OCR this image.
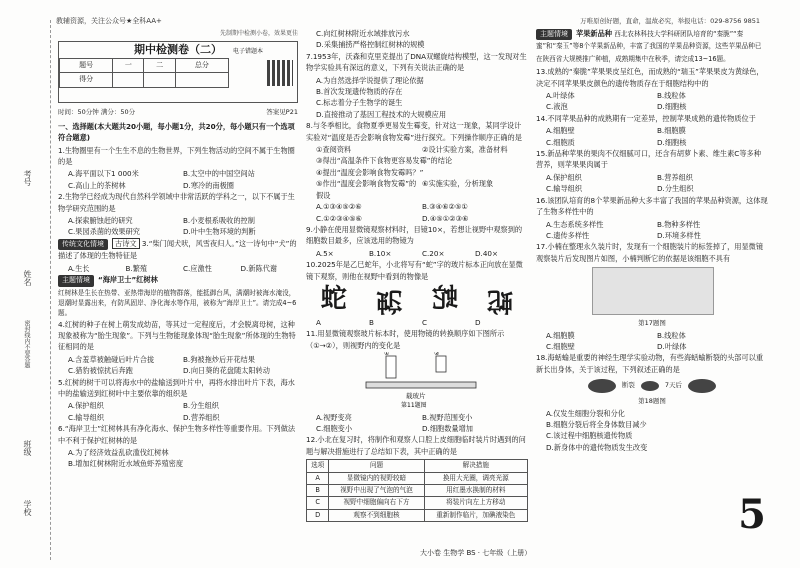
教辅资源，关注公众号★全科AA+	万唯原创好题，直命，温故必究，举报电话：029-8756 9851
考号
姓名
密封线内不要答题
班级
学校
先制期中检测小卷，效果更佳
期中检测卷（二）
题号	一	二	总分
得分			
电子错题本
时间：50分钟 满分：50分	答案见P21
一、选择题(本大题共20小题，每小题1分，共20分，每小题只有一个选项符合题意)
1.生物圈里有一个生生不息的生物世界，下列生物活动的空间不属于生物圈的是
A.海平面以下1 000米	B.太空中的中国空间站
C.高山上的茶树林	D.寒冷的南极圈
2.生物学已经成为现代自然科学领域中非常活跃的学科之一，以下不属于生物学研究范围的是
A.探索腑蚀赶的研究	B.小麦根系吸收的控制
C.果园杀菌的效果研究	D.叶中生物环境的判断
传统文化情境 古诗文 3.“柴门闻犬吠，风雪夜归人。”这一诗句中“犬”的描述了体现的生物特征是
A.生长	B.繁殖	C.应激性	D.新陈代谢
主题情境 “海岸卫士”红树林
红树林是生长在热带、亚热带海岸的植物群落，能抵御台风，满潮时被海水淹没，退潮时显露出来，有防风固岸、净化海水等作用，被称为“海岸卫士”。请完成4~6题。
4.红树的种子在树上萌发成幼苗，等其过一定程度后，才会脱离母树，这种现象被称为“胎生现象”。下列与生物能现象体现“胎生现象”所体现的生物特征相同的是
A.含羞草被触碰后叶片合拢	B.狗被拖炒后开花结果
C.猎豹被惊扰后奔跑	D.向日葵的花盘随太阳转动
5.红树的树干可以将海水中的盐输送到叶片中，再将水排出叶片下表，海水中的盐输送到红树叶中主要依靠的组织是
A.保护组织	B.分生组织
C.输导组织	D.营养组织
6.“海岸卫士”红树林具有净化海水、保护生物多样性等重要作用。下列做法中不利于保护红树林的是
A.为了经济效益乱砍滥伐红树林
B.增加红树林附近水域鱼虾养殖密度
C.向红树林附近水域排放污水
D.采集捕捞严格控制红树林的规模
7.1953年，沃森和克里克提出了DNA双螺旋结构模型，这一发现对生物学实验具有深远的意义，下列有关说法正确的是
A.为自然选择学说提供了理论依据
B.首次发现遗传物质的存在
C.标志着分子生物学的诞生
D.直接推动了基因工程技术的大规模应用
8.与冬季相比，食物夏季更易发生霉变，针对这一现象，某同学设计实验对“温度是否会影响食物发霉”进行探究。下列操作顺序正确的是
①查阅资料	②设计实验方案，准备材料
③得出“高温条件下食物更容易发霉”的结论
④提出“温度会影响食物发霉吗？”
⑤作出“温度会影响食物发霉”的假设
⑥实施实验，分析现象
A.①③④⑤②⑥	B.③④⑥②⑤①
C.①②③④⑤⑥	D.④⑤①②③⑥
9.小静在使用显微镜观察材料时，目镜10×，若想让视野中观察到的细胞数目最多，应该选用的物镜为
A.5×	B.10×	C.20×	D.40×
10.2025年是乙巳蛇年，小北将写有“蛇”字的玻片标本正向放在显微镜下观察，则他在视野中看到的物像是
蛇 蛇 蛇 蛇
A	B	C	D
11.用显微镜观察玻片标本时，使用物镜的转换顺序如下图所示（①→②），则视野内的变化是
载玻片
①	②
第11题图
A.视野变亮	B.视野范围变小
C.细胞变小	D.细胞数量增加
12.小北在复习时，将制作和观察人口腔上皮细胞临时装片时遇到的问题与解决措施进行了总结如下表，其中正确的是
选项	问题	解决措施
A	显微镜内的视野较暗	换用大光圈，调亮光源
B	视野中出现了气泡的气泡	用红墨水换制的材料
C	视野中细胞偏向右下方	将装片向左上方移动
D	观察不到细胞核	重新制作临片，加碘液染色
主题情境 苹果新品种 西北农林科技大学科研团队培育的“秦脆”“秦蜜”和“秦玉”等8个苹果新品种，丰富了我国的苹果品种资源，这些苹果品种已在陕西省大规模推广种植，成熟期集中在秋季，请完成13~16题。
13.成熟的“秦脆”苹果果皮呈红色，而成熟的“瑞玉”苹果果皮为黄绿色，决定不同苹果果皮颜色的遗传物质存在于细胞结构中的
A.叶绿体	B.线粒体
C.液泡	D.细胞核
14.不同苹果品种的成熟期有一定差异，控制苹果成熟的遗传物质位于
A.细胞壁	B.细胞膜
C.细胞质	D.细胞核
15.新品种苹果的果肉不仅细腻可口，还含有胡萝卜素、维生素C等多种营养，则苹果果肉属于
A.保护组织	B.营养组织
C.输导组织	D.分生组织
16.该团队培育的8个苹果新品种大多丰富了我国的苹果品种资源，这体现了生物多样性中的
A.生态系统多样性	B.物种多样性
C.遗传多样性	D.环境多样性
17.小楠在整理永久装片时，发现有一个细胞装片的标签掉了，用显微镜观察装片后发现图片如图，小楠判断它的依据是该细胞不具有
第17题图
A.细胞膜	B.线粒体
C.细胞壁	D.叶绿体
18.海蛞蝓是重要的神经生理学实验动物，有些海蛞蝓断裂的头部可以重新长出身体，关于该过程，下列叙述正确的是
断裂	7天后
第18题图
A.仅发生细胞分裂和分化
B.细胞分裂后将全身体数目减少
C.该过程中细胞核遗传物质
D.新身体中的遗传物质发生改变
大小卷 生物学 BS · 七年级（上册）
5
